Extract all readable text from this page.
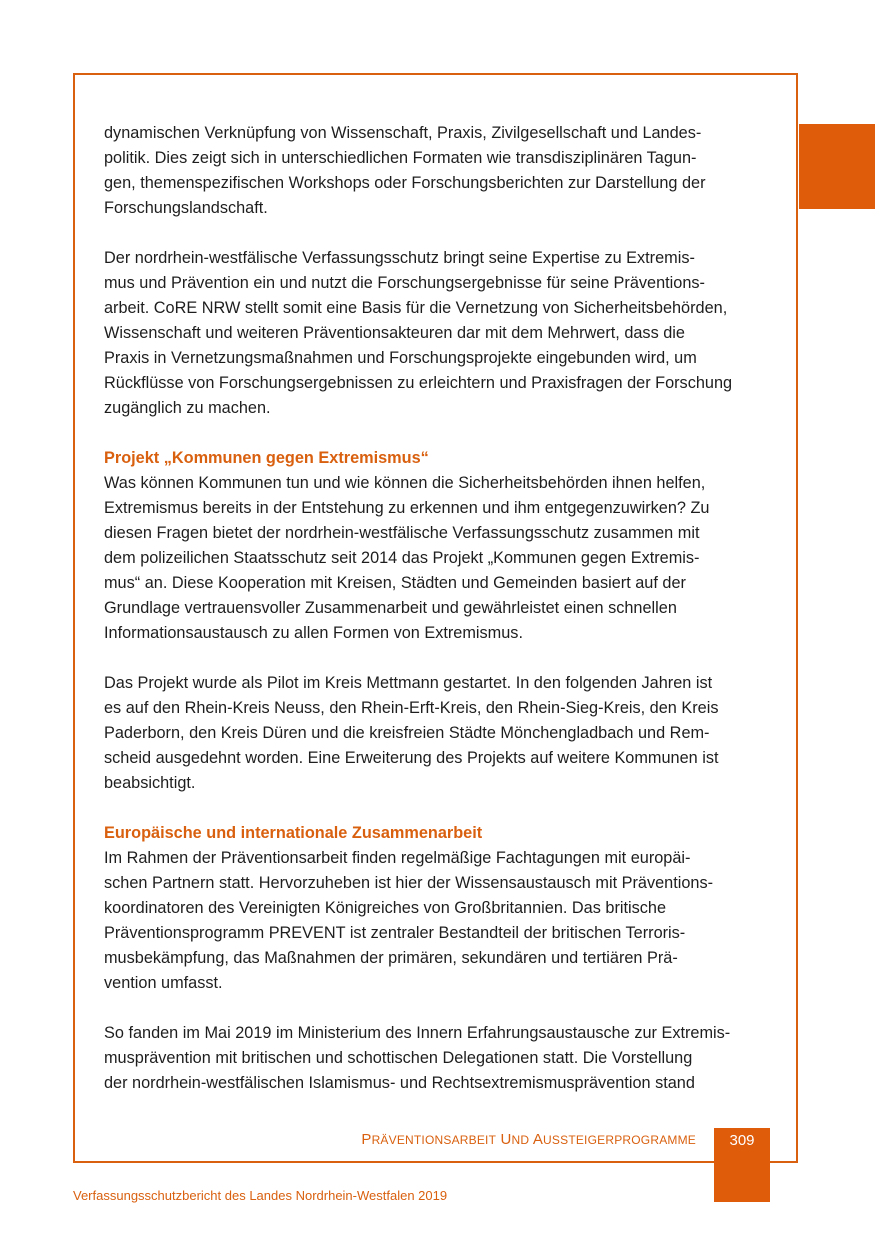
dynamischen Verknüpfung von Wissenschaft, Praxis, Zivilgesellschaft und Landes-
politik. Dies zeigt sich in unterschiedlichen Formaten wie transdisziplinären Tagun-
gen, themenspezifischen Workshops oder Forschungsberichten zur Darstellung der
Forschungslandschaft.
Der nordrhein-westfälische Verfassungsschutz bringt seine Expertise zu Extremis-
mus und Prävention ein und nutzt die Forschungsergebnisse für seine Präventions-
arbeit. CoRE NRW stellt somit eine Basis für die Vernetzung von Sicherheitsbehörden,
Wissenschaft und weiteren Präventionsakteuren dar mit dem Mehrwert, dass die
Praxis in Vernetzungsmaßnahmen und Forschungsprojekte eingebunden wird, um
Rückflüsse von Forschungsergebnissen zu erleichtern und Praxisfragen der Forschung
zugänglich zu machen.
Projekt „Kommunen gegen Extremismus“
Was können Kommunen tun und wie können die Sicherheitsbehörden ihnen helfen,
Extremismus bereits in der Entstehung zu erkennen und ihm entgegenzuwirken? Zu
diesen Fragen bietet der nordrhein-westfälische Verfassungsschutz zusammen mit
dem polizeilichen Staatsschutz seit 2014 das Projekt „Kommunen gegen Extremis-
mus“ an. Diese Kooperation mit Kreisen, Städten und Gemeinden basiert auf der
Grundlage vertrauensvoller Zusammenarbeit und gewährleistet einen schnellen
Informationsaustausch zu allen Formen von Extremismus.
Das Projekt wurde als Pilot im Kreis Mettmann gestartet. In den folgenden Jahren ist
es auf den Rhein-Kreis Neuss, den Rhein-Erft-Kreis, den Rhein-Sieg-Kreis, den Kreis
Paderborn, den Kreis Düren und die kreisfreien Städte Mönchengladbach und Rem-
scheid ausgedehnt worden. Eine Erweiterung des Projekts auf weitere Kommunen ist
beabsichtigt.
Europäische und internationale Zusammenarbeit
Im Rahmen der Präventionsarbeit finden regelmäßige Fachtagungen mit europäi-
schen Partnern statt. Hervorzuheben ist hier der Wissensaustausch mit Präventions-
koordinatoren des Vereinigten Königreiches von Großbritannien. Das britische
Präventionsprogramm PREVENT ist zentraler Bestandteil der britischen Terroris-
musbekämpfung, das Maßnahmen der primären, sekundären und tertiären Prä-
vention umfasst.
So fanden im Mai 2019 im Ministerium des Innern Erfahrungsaustausche zur Extremis-
musprävention mit britischen und schottischen Delegationen statt. Die Vorstellung
der nordrhein-westfälischen Islamismus- und Rechtsextremismusprävention stand
PRÄVENTIONSARBEIT UND AUSSTEIGERPROGRAMME	309
Verfassungsschutzbericht des Landes Nordrhein-Westfalen 2019
